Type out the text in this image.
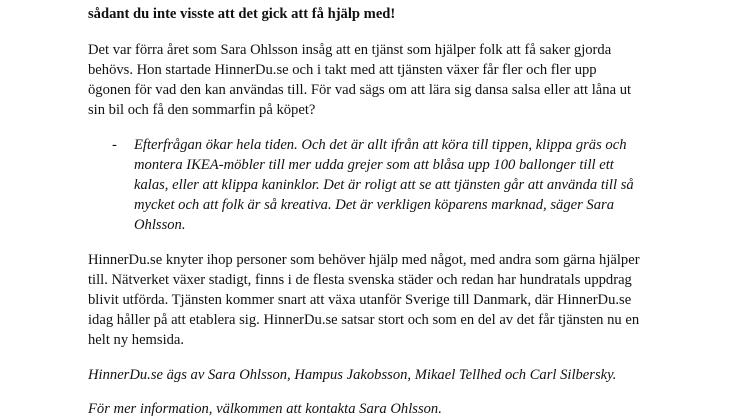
sådant du inte visste att det gick att få hjälp med!
Det var förra året som Sara Ohlsson insåg att en tjänst som hjälper folk att få saker gjorda
behövs. Hon startade HinnerDu.se och i takt med att tjänsten växer får fler och fler upp
ögonen för vad den kan användas till. För vad sägs om att lära sig dansa salsa eller att låna ut
sin bil och få den sommarfin på köpet?
- Efterfrågan ökar hela tiden. Och det är allt ifrån att köra till tippen, klippa gräs och
montera IKEA-möbler till mer udda grejer som att blåsa upp 100 ballonger till ett
kalas, eller att klippa kaninklor. Det är roligt att se att tjänsten går att använda till så
mycket och att folk är så kreativa. Det är verkligen köparens marknad, säger Sara
Ohlsson.
HinnerDu.se knyter ihop personer som behöver hjälp med något, med andra som gärna hjälper
till. Nätverket växer stadigt, finns i de flesta svenska städer och redan har hundratals uppdrag
blivit utförda. Tjänsten kommer snart att växa utanför Sverige till Danmark, där HinnerDu.se
idag håller på att etablera sig. HinnerDu.se satsar stort och som en del av det får tjänsten nu en
helt ny hemsida.
HinnerDu.se ägs av Sara Ohlsson, Hampus Jakobsson, Mikael Tellhed och Carl Silbersky.
För mer information, välkommen att kontakta Sara Ohlsson.
